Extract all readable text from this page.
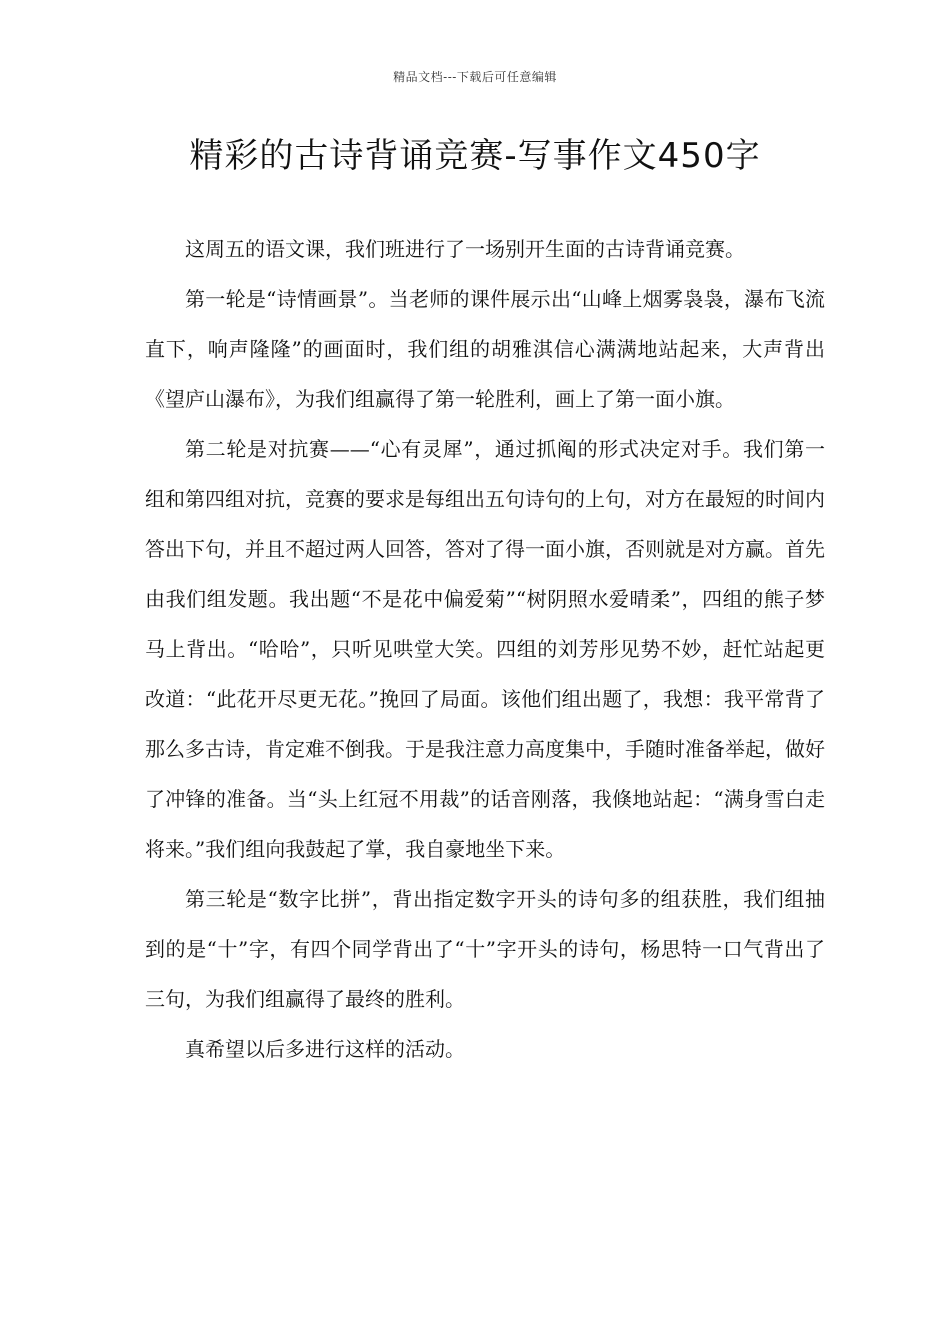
精品文档---下载后可任意编辑
精彩的古诗背诵竞赛-写事作文450字

这周五的语文课，我们班进行了一场别开生面的古诗背诵竞赛。

第一轮是“诗情画景”。当老师的课件展示出“山峰上烟雾袅袅，瀑布飞流直下，响声隆隆”的画面时，我们组的胡雅淇信心满满地站起来，大声背出《望庐山瀑布》，为我们组赢得了第一轮胜利，画上了第一面小旗。

第二轮是对抗赛——“心有灵犀”，通过抓阄的形式决定对手。我们第一组和第四组对抗，竞赛的要求是每组出五句诗句的上句，对方在最短的时间内答出下句，并且不超过两人回答，答对了得一面小旗，否则就是对方赢。首先由我们组发题。我出题“不是花中偏爱菊”“树阴照水爱晴柔”，四组的熊子梦马上背出。“哈哈”，只听见哄堂大笑。四组的刘芳彤见势不妙，赶忙站起更改道：“此花开尽更无花。”挽回了局面。该他们组出题了，我想：我平常背了那么多古诗，肯定难不倒我。于是我注意力高度集中，手随时准备举起，做好了冲锋的准备。当“头上红冠不用裁”的话音刚落，我倏地站起：“满身雪白走将来。”我们组向我鼓起了掌，我自豪地坐下来。

第三轮是“数字比拼”，背出指定数字开头的诗句多的组获胜，我们组抽到的是“十”字，有四个同学背出了“十”字开头的诗句，杨思特一口气背出了三句，为我们组赢得了最终的胜利。

真希望以后多进行这样的活动。
